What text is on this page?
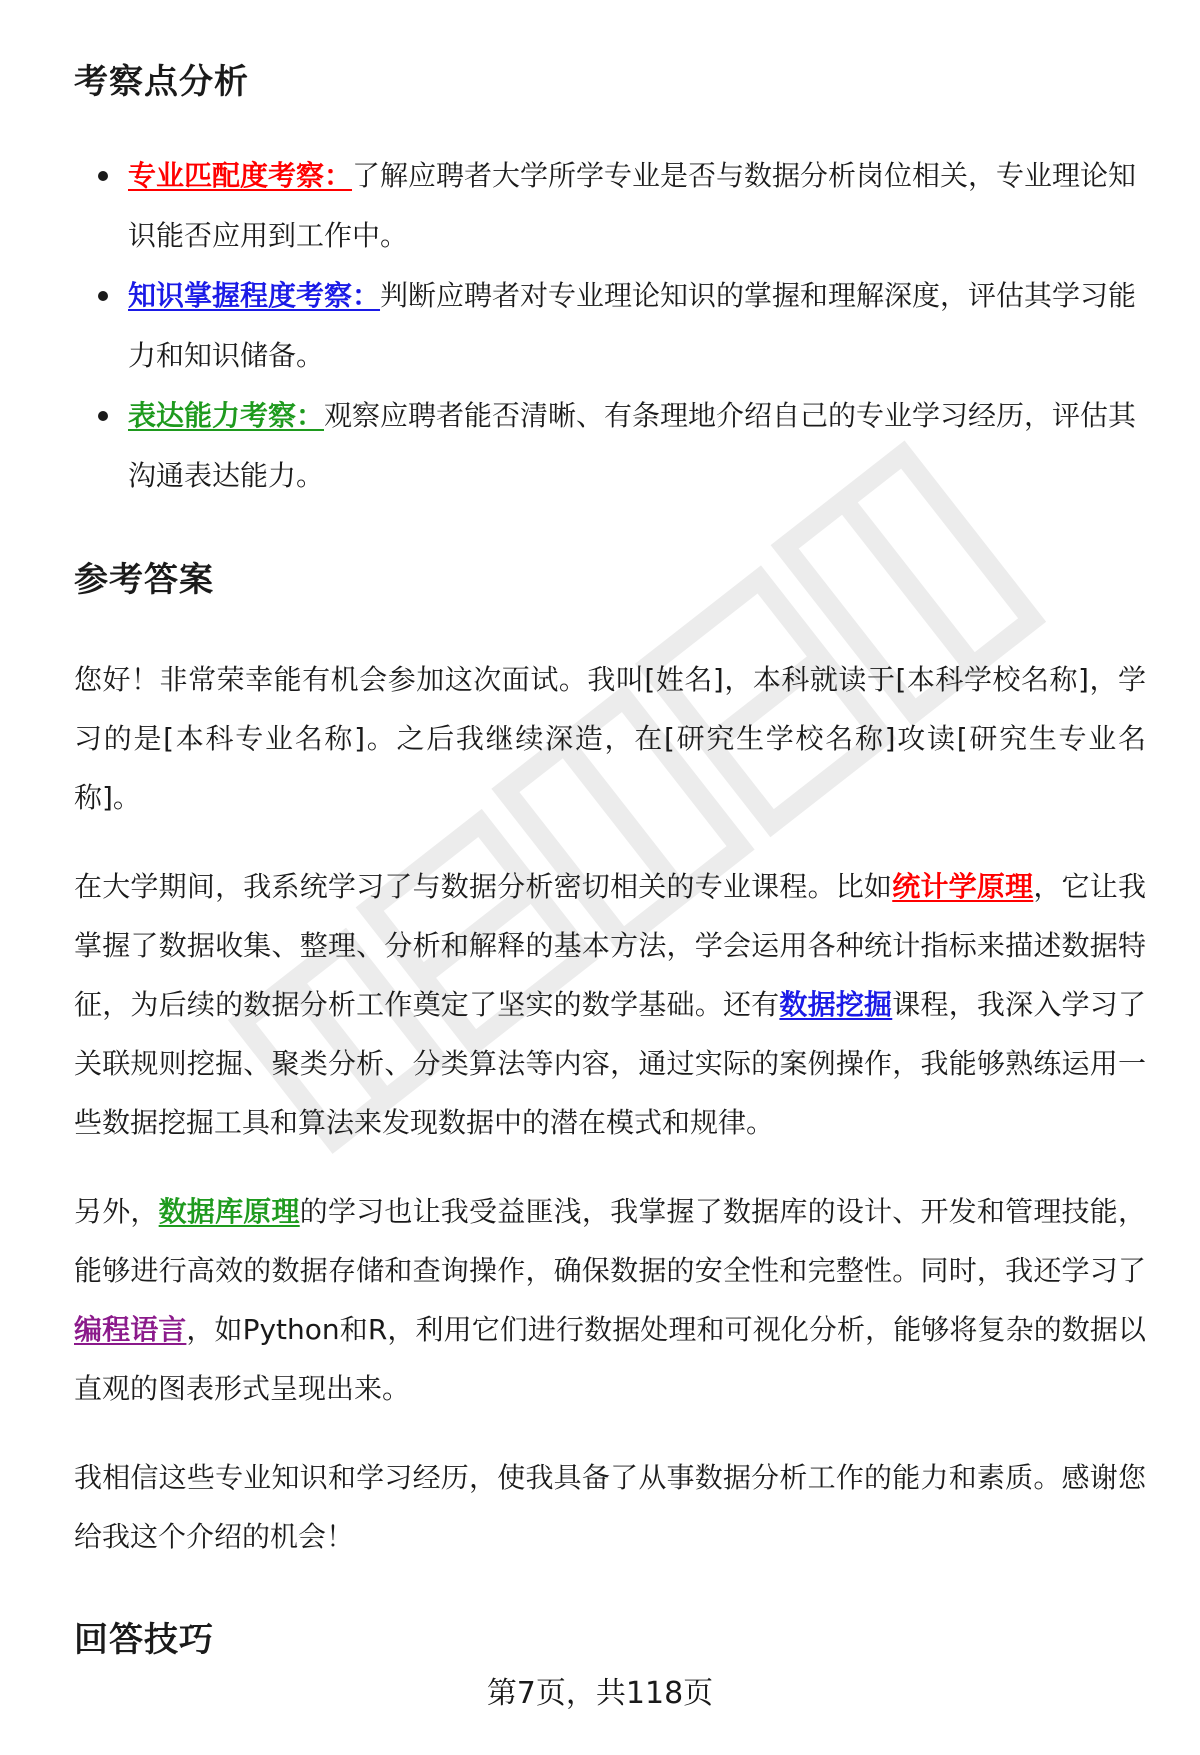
考察点分析
专业匹配度考察：了解应聘者大学所学专业是否与数据分析岗位相关，专业理论知识能否应用到工作中。
知识掌握程度考察：判断应聘者对专业理论知识的掌握和理解深度，评估其学习能力和知识储备。
表达能力考察：观察应聘者能否清晰、有条理地介绍自己的专业学习经历，评估其沟通表达能力。
参考答案

您好！非常荣幸能有机会参加这次面试。我叫[姓名]，本科就读于[本科学校名称]，学习的是[本科专业名称]。之后我继续深造，在[研究生学校名称]攻读[研究生专业名称]。

在大学期间，我系统学习了与数据分析密切相关的专业课程。比如统计学原理，它让我掌握了数据收集、整理、分析和解释的基本方法，学会运用各种统计指标来描述数据特征，为后续的数据分析工作奠定了坚实的数学基础。还有数据挖掘课程，我深入学习了关联规则挖掘、聚类分析、分类算法等内容，通过实际的案例操作，我能够熟练运用一些数据挖掘工具和算法来发现数据中的潜在模式和规律。

另外，数据库原理的学习也让我受益匪浅，我掌握了数据库的设计、开发和管理技能，能够进行高效的数据存储和查询操作，确保数据的安全性和完整性。同时，我还学习了编程语言，如Python和R，利用它们进行数据处理和可视化分析，能够将复杂的数据以直观的图表形式呈现出来。

我相信这些专业知识和学习经历，使我具备了从事数据分析工作的能力和素质。感谢您给我这个介绍的机会！

回答技巧
第7页，共118页
